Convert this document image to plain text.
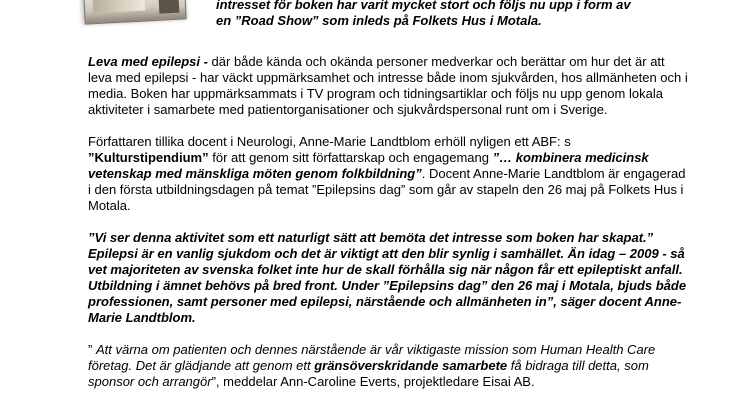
intresset för boken har varit mycket stort och följs nu upp i form av
en ”Road Show” som inleds på Folkets Hus i Motala.

Leva med epilepsi - där både kända och okända personer medverkar och berättar om hur det är att leva med epilepsi - har väckt uppmärksamhet och intresse både inom sjukvården, hos allmänheten och i media. Boken har uppmärksammats i TV program och tidningsartiklar och följs nu upp genom lokala aktiviteter i samarbete med patientorganisationer och sjukvårdspersonal runt om i Sverige.

Författaren tillika docent i Neurologi, Anne-Marie Landtblom erhöll nyligen ett ABF: s ”Kulturstipendium” för att genom sitt författarskap och engagemang ”… kombinera medicinsk vetenskap med mänskliga möten genom folkbildning”. Docent Anne-Marie Landtblom är engagerad i den första utbildningsdagen på temat ”Epilepsins dag” som går av stapeln den 26 maj på Folkets Hus i Motala.

”Vi ser denna aktivitet som ett naturligt sätt att bemöta det intresse som boken har skapat.” Epilepsi är en vanlig sjukdom och det är viktigt att den blir synlig i samhället. Än idag – 2009 - så vet majoriteten av svenska folket inte hur de skall förhålla sig när någon får ett epileptiskt anfall. Utbildning i ämnet behövs på bred front. Under ”Epilepsins dag” den 26 maj i Motala, bjuds både professionen, samt personer med epilepsi, närstående och allmänheten in”, säger docent Anne-Marie Landtblom.

” Att värna om patienten och dennes närstående är vår viktigaste mission som Human Health Care företag. Det är glädjande att genom ett gränsöverskridande samarbete få bidraga till detta, som sponsor och arrangör”, meddelar Ann-Caroline Everts, projektledare Eisai AB.
